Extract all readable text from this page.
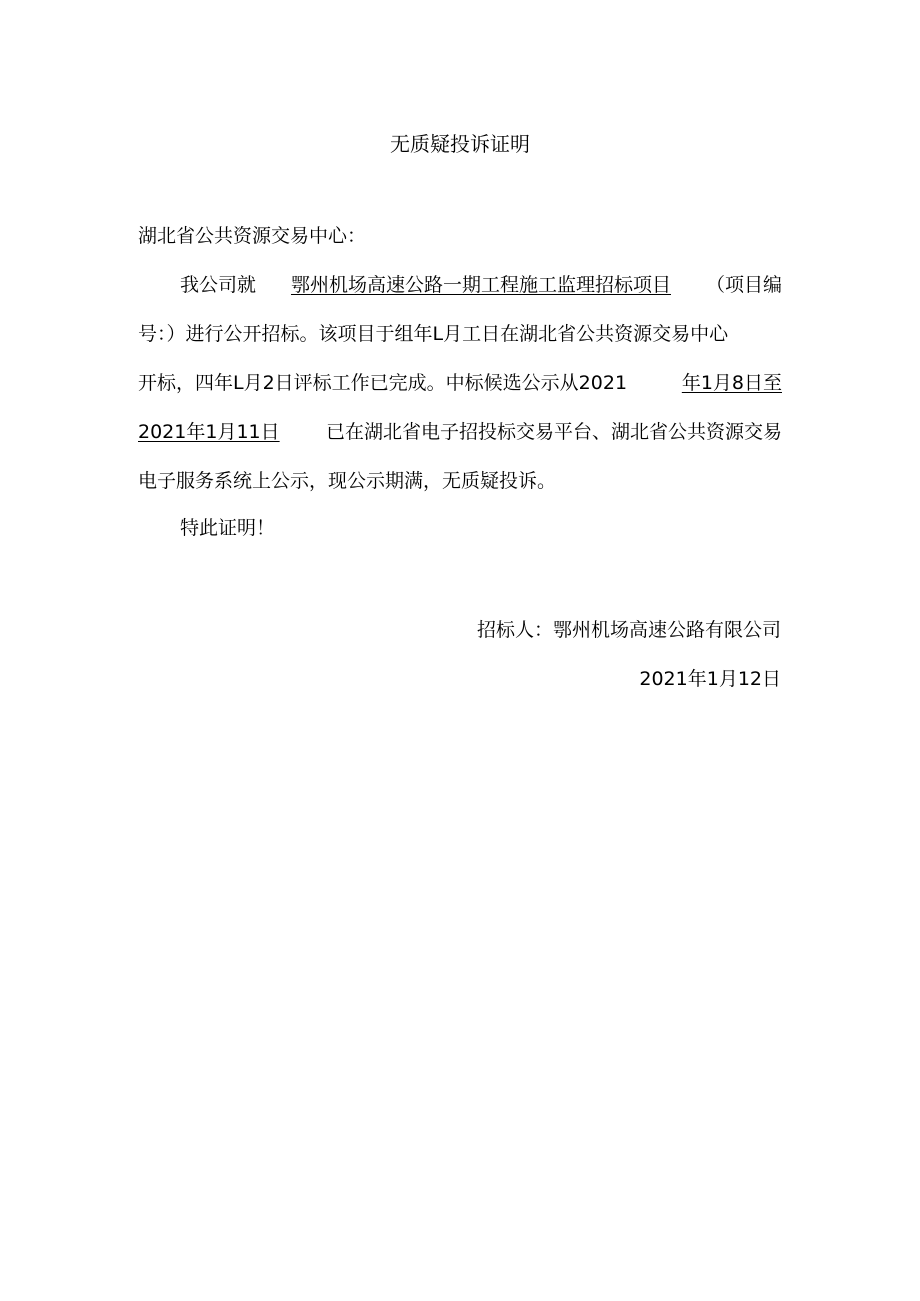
无质疑投诉证明
湖北省公共资源交易中心：
我公司就 鄂州机场高速公路一期工程施工监理招标项目 （项目编
号：）进行公开招标。该项目于组年L月工日在湖北省公共资源交易中心
开标，四年L月2日评标工作已完成。中标候选公示从2021	年1月8日至
2021年1月11日 已在湖北省电子招投标交易平台、湖北省公共资源交易
电子服务系统上公示，现公示期满，无质疑投诉。
特此证明！
招标人：鄂州机场高速公路有限公司
2021年1月12日
